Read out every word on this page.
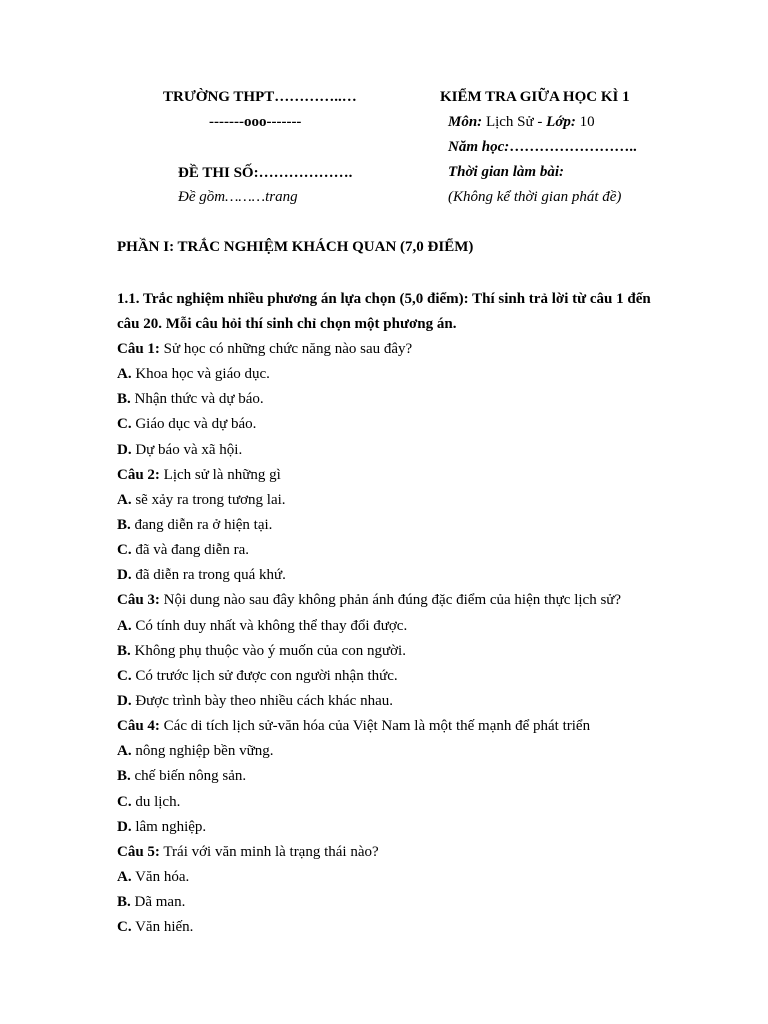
TRƯỜNG THPT…………..…
-------ooo-------
ĐỀ THI SỐ:……………….
Đề gồm………trang
KIỂM TRA GIỮA HỌC KÌ 1
Môn: Lịch Sử - Lớp: 10
Năm học:……………………..
Thời gian làm bài:
(Không kể thời gian phát đề)
PHẦN I: TRẮC NGHIỆM KHÁCH QUAN (7,0 ĐIỂM)
1.1. Trắc nghiệm nhiều phương án lựa chọn (5,0 điểm): Thí sinh trả lời từ câu 1 đến câu 20. Mỗi câu hỏi thí sinh chỉ chọn một phương án.
Câu 1: Sử học có những chức năng nào sau đây?
A. Khoa học và giáo dục.
B. Nhận thức và dự báo.
C. Giáo dục và dự báo.
D. Dự báo và xã hội.
Câu 2: Lịch sử là những gì
A. sẽ xảy ra trong tương lai.
B. đang diễn ra ở hiện tại.
C. đã và đang diễn ra.
D. đã diễn ra trong quá khứ.
Câu 3: Nội dung nào sau đây không phản ánh đúng đặc điểm của hiện thực lịch sử?
A. Có tính duy nhất và không thể thay đổi được.
B. Không phụ thuộc vào ý muốn của con người.
C. Có trước lịch sử được con người nhận thức.
D. Được trình bày theo nhiều cách khác nhau.
Câu 4: Các di tích lịch sử-văn hóa của Việt Nam là một thế mạnh để phát triển
A. nông nghiệp bền vững.
B. chế biến nông sản.
C. du lịch.
D. lâm nghiệp.
Câu 5: Trái với văn minh là trạng thái nào?
A. Văn hóa.
B. Dã man.
C. Văn hiến.
